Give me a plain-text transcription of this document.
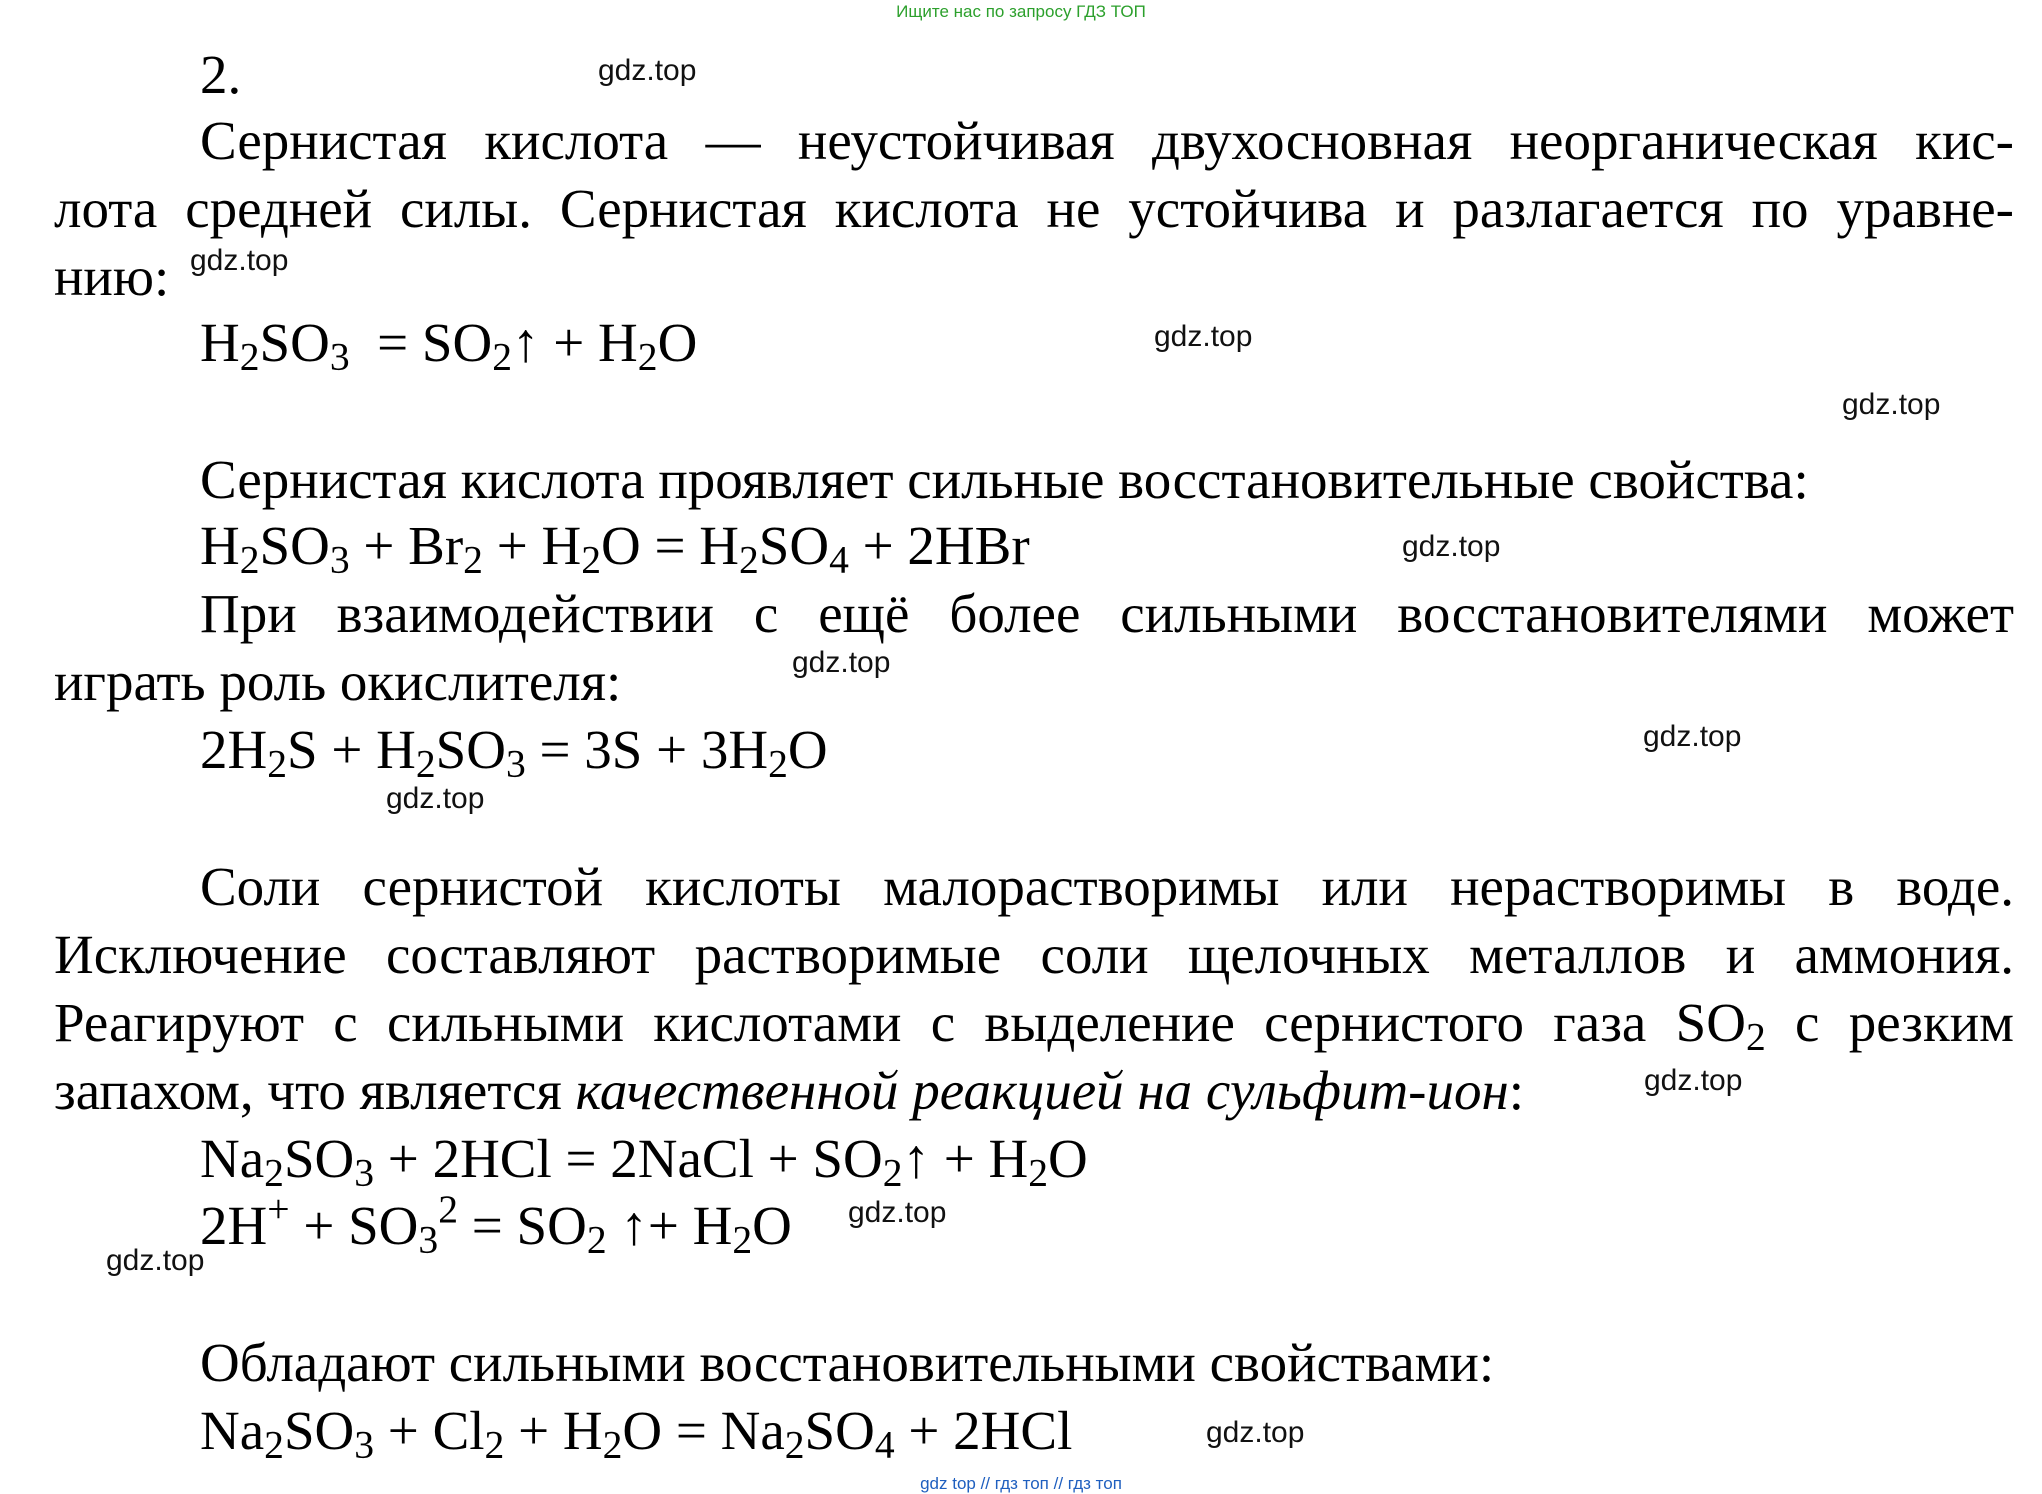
Ищите нас по запросу ГДЗ ТОП
2.
Сернистая кислота — неустойчивая двухосновная неорганическая кис-
лота средней силы. Сернистая кислота не устойчива и разлагается по уравне-
нию:
$H_2SO_3$  = $SO_2↑ + H_2O$
Сернистая кислота проявляет сильные восстановительные свойства:
$H_2SO_3 + Br_2 + H_2O = H_2SO_4 + 2HBr$
При взаимодействии с ещё более сильными восстановителями может
играть роль окислителя:
$2H_2S + H_2SO_3 = 3S + 3H_2O$
Соли сернистой кислоты малорастворимы или нерастворимы в воде.
Исключение составляют растворимые соли щелочных металлов и аммония.
Реагируют с сильными кислотами с выделение сернистого газа $SO_2$ с резким
запахом, что является качественной реакцией на сульфит-ион:
$Na_2SO_3 + 2HCl$ = 2NaCl + $SO_2↑ + H_2O$
$2H^+ + SO_3^2 = SO_2$ ↑+ $H_2O$
Обладают сильными восстановительными свойствами:
$Na_2SO_3 + Cl_2 + H_2O = Na_2SO_4 + 2HCl$
gdz.top
gdz.top
gdz.top
gdz.top
gdz.top
gdz.top
gdz.top
gdz.top
gdz.top
gdz.top
gdz.top
gdz.top
gdz top // гдз топ // гдз топ
